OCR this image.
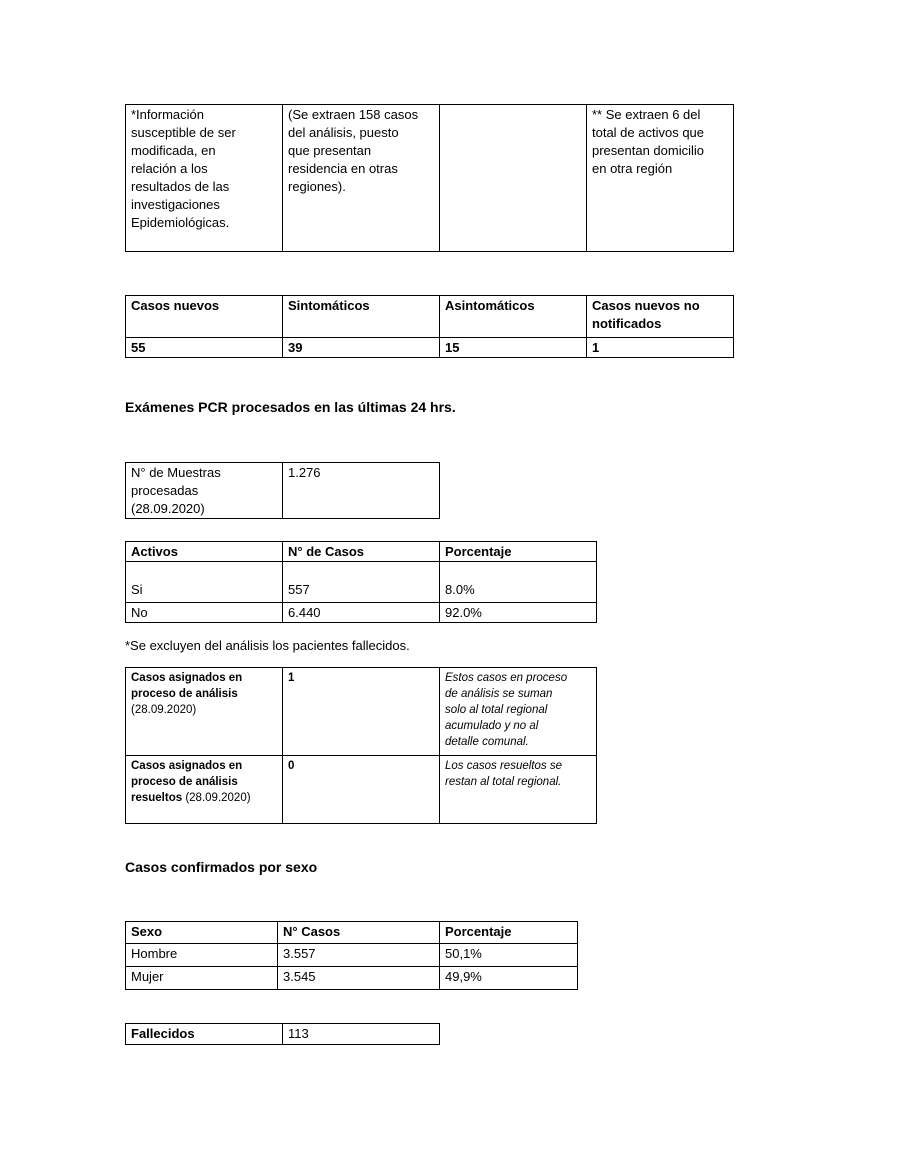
*Información
susceptible de ser
modificada, en
relación a los
resultados de las
investigaciones
Epidemiológicas.	(Se extraen 158 casos
del análisis, puesto
que presentan
residencia en otras
regiones).		** Se extraen 6 del
total de activos que
presentan domicilio
en otra región
Casos nuevos	Sintomáticos	Asintomáticos	Casos nuevos no
notificados
55	39	15	1
Exámenes PCR procesados en las últimas 24 hrs.
N° de Muestras
procesadas
(28.09.2020)	1.276
Activos	N° de Casos	Porcentaje

Si	557	8.0%
No	6.440	92.0%
*Se excluyen del análisis los pacientes fallecidos.
Casos asignados en
proceso de análisis
(28.09.2020)	1	Estos casos en proceso
de análisis se suman
solo al total regional
acumulado y no al
detalle comunal.
Casos asignados en
proceso de análisis
resueltos (28.09.2020)	0	Los casos resueltos se
restan al total regional.
Casos confirmados por sexo
Sexo	N° Casos	Porcentaje
Hombre	3.557	50,1%
Mujer	3.545	49,9%
Fallecidos	113
